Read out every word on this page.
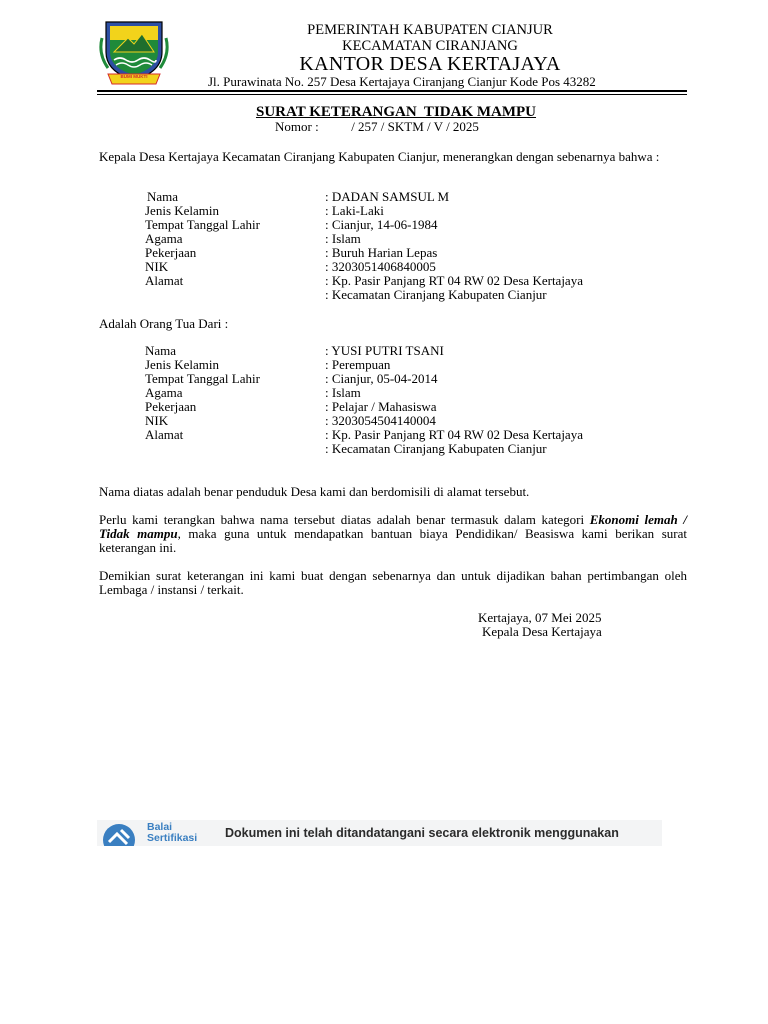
BUMI MUKTI
PEMERINTAH KABUPATEN CIANJUR
KECAMATAN CIRANJANG
KANTOR DESA KERTAJAYA
Jl. Purawinata No. 257 Desa Kertajaya Ciranjang Cianjur Kode Pos 43282
SURAT KETERANGAN  TIDAK MAMPU
Nomor :          / 257 / SKTM / V / 2025
Kepala Desa Kertajaya Kecamatan Ciranjang Kabupaten Cianjur, menerangkan dengan sebenarnya bahwa :
Nama
Jenis Kelamin
Tempat Tanggal Lahir
Agama
Pekerjaan
NIK
Alamat
: DADAN SAMSUL M
: Laki-Laki
: Cianjur, 14-06-1984
: Islam
: Buruh Harian Lepas
: 3203051406840005
: Kp. Pasir Panjang RT 04 RW 02 Desa Kertajaya
: Kecamatan Ciranjang Kabupaten Cianjur
Adalah Orang Tua Dari :
Nama
Jenis Kelamin
Tempat Tanggal Lahir
Agama
Pekerjaan
NIK
Alamat
: YUSI PUTRI TSANI
: Perempuan
: Cianjur, 05-04-2014
: Islam
: Pelajar / Mahasiswa
: 3203054504140004
: Kp. Pasir Panjang RT 04 RW 02 Desa Kertajaya
: Kecamatan Ciranjang Kabupaten Cianjur
Nama diatas adalah benar penduduk Desa kami dan berdomisili di alamat tersebut.
Perlu kami terangkan bahwa nama tersebut diatas adalah benar termasuk dalam kategori Ekonomi lemah / Tidak mampu, maka guna untuk mendapatkan bantuan biaya Pendidikan/ Beasiswa kami berikan surat keterangan ini.
Demikian surat keterangan ini kami buat dengan sebenarnya dan untuk dijadikan bahan pertimbangan oleh Lembaga / instansi / terkait.
Kertajaya, 07 Mei 2025
Kepala Desa Kertajaya
Balai
Sertifikasi	Dokumen ini telah ditandatangani secara elektronik menggunakan
